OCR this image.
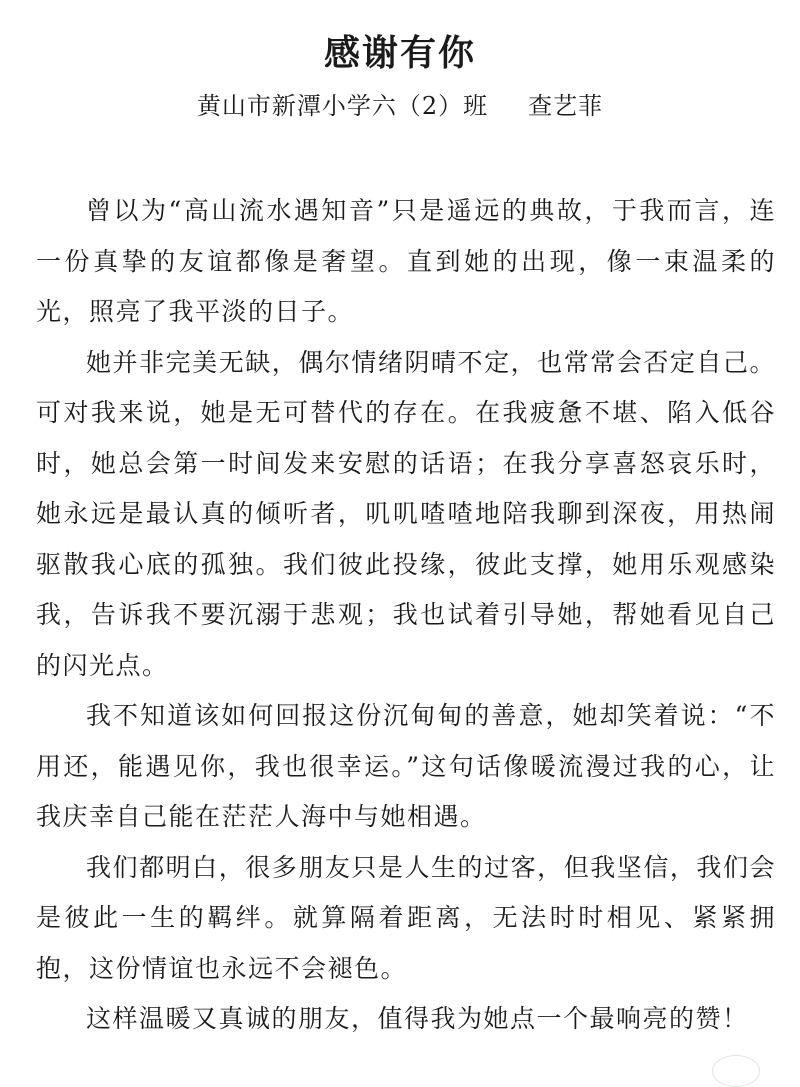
感谢有你
黄山市新潭小学六（2）班 查艺菲

曾以为“高山流水遇知音”只是遥远的典故，于我而言，连一份真挚的友谊都像是奢望。直到她的出现，像一束温柔的光，照亮了我平淡的日子。

她并非完美无缺，偶尔情绪阴晴不定，也常常会否定自己。可对我来说，她是无可替代的存在。在我疲惫不堪、陷入低谷时，她总会第一时间发来安慰的话语；在我分享喜怒哀乐时，她永远是最认真的倾听者，叽叽喳喳地陪我聊到深夜，用热闹驱散我心底的孤独。我们彼此投缘，彼此支撑，她用乐观感染我，告诉我不要沉溺于悲观；我也试着引导她，帮她看见自己的闪光点。

我不知道该如何回报这份沉甸甸的善意，她却笑着说：“不用还，能遇见你，我也很幸运。”这句话像暖流漫过我的心，让我庆幸自己能在茫茫人海中与她相遇。

我们都明白，很多朋友只是人生的过客，但我坚信，我们会是彼此一生的羁绊。就算隔着距离，无法时时相见、紧紧拥抱，这份情谊也永远不会褪色。

这样温暖又真诚的朋友，值得我为她点一个最响亮的赞！
